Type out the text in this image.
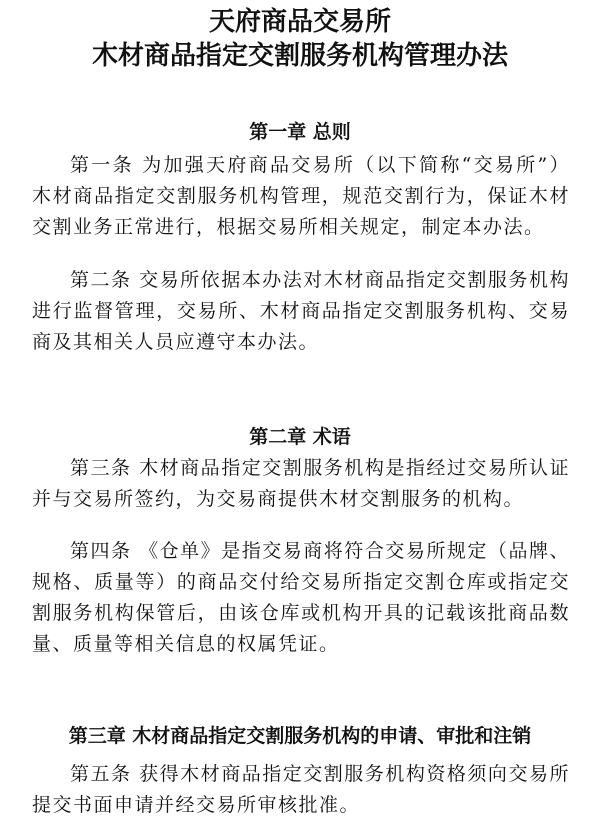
天府商品交易所
木材商品指定交割服务机构管理办法
第一章 总则

第一条 为加强天府商品交易所（以下简称“交易所”）木材商品指定交割服务机构管理，规范交割行为，保证木材交割业务正常进行，根据交易所相关规定，制定本办法。

第二条 交易所依据本办法对木材商品指定交割服务机构进行监督管理，交易所、木材商品指定交割服务机构、交易商及其相关人员应遵守本办法。

第二章 术语

第三条 木材商品指定交割服务机构是指经过交易所认证并与交易所签约，为交易商提供木材交割服务的机构。

第四条 《仓单》是指交易商将符合交易所规定（品牌、规格、质量等）的商品交付给交易所指定交割仓库或指定交割服务机构保管后，由该仓库或机构开具的记载该批商品数量、质量等相关信息的权属凭证。

第三章 木材商品指定交割服务机构的申请、审批和注销

第五条 获得木材商品指定交割服务机构资格须向交易所提交书面申请并经交易所审核批准。
